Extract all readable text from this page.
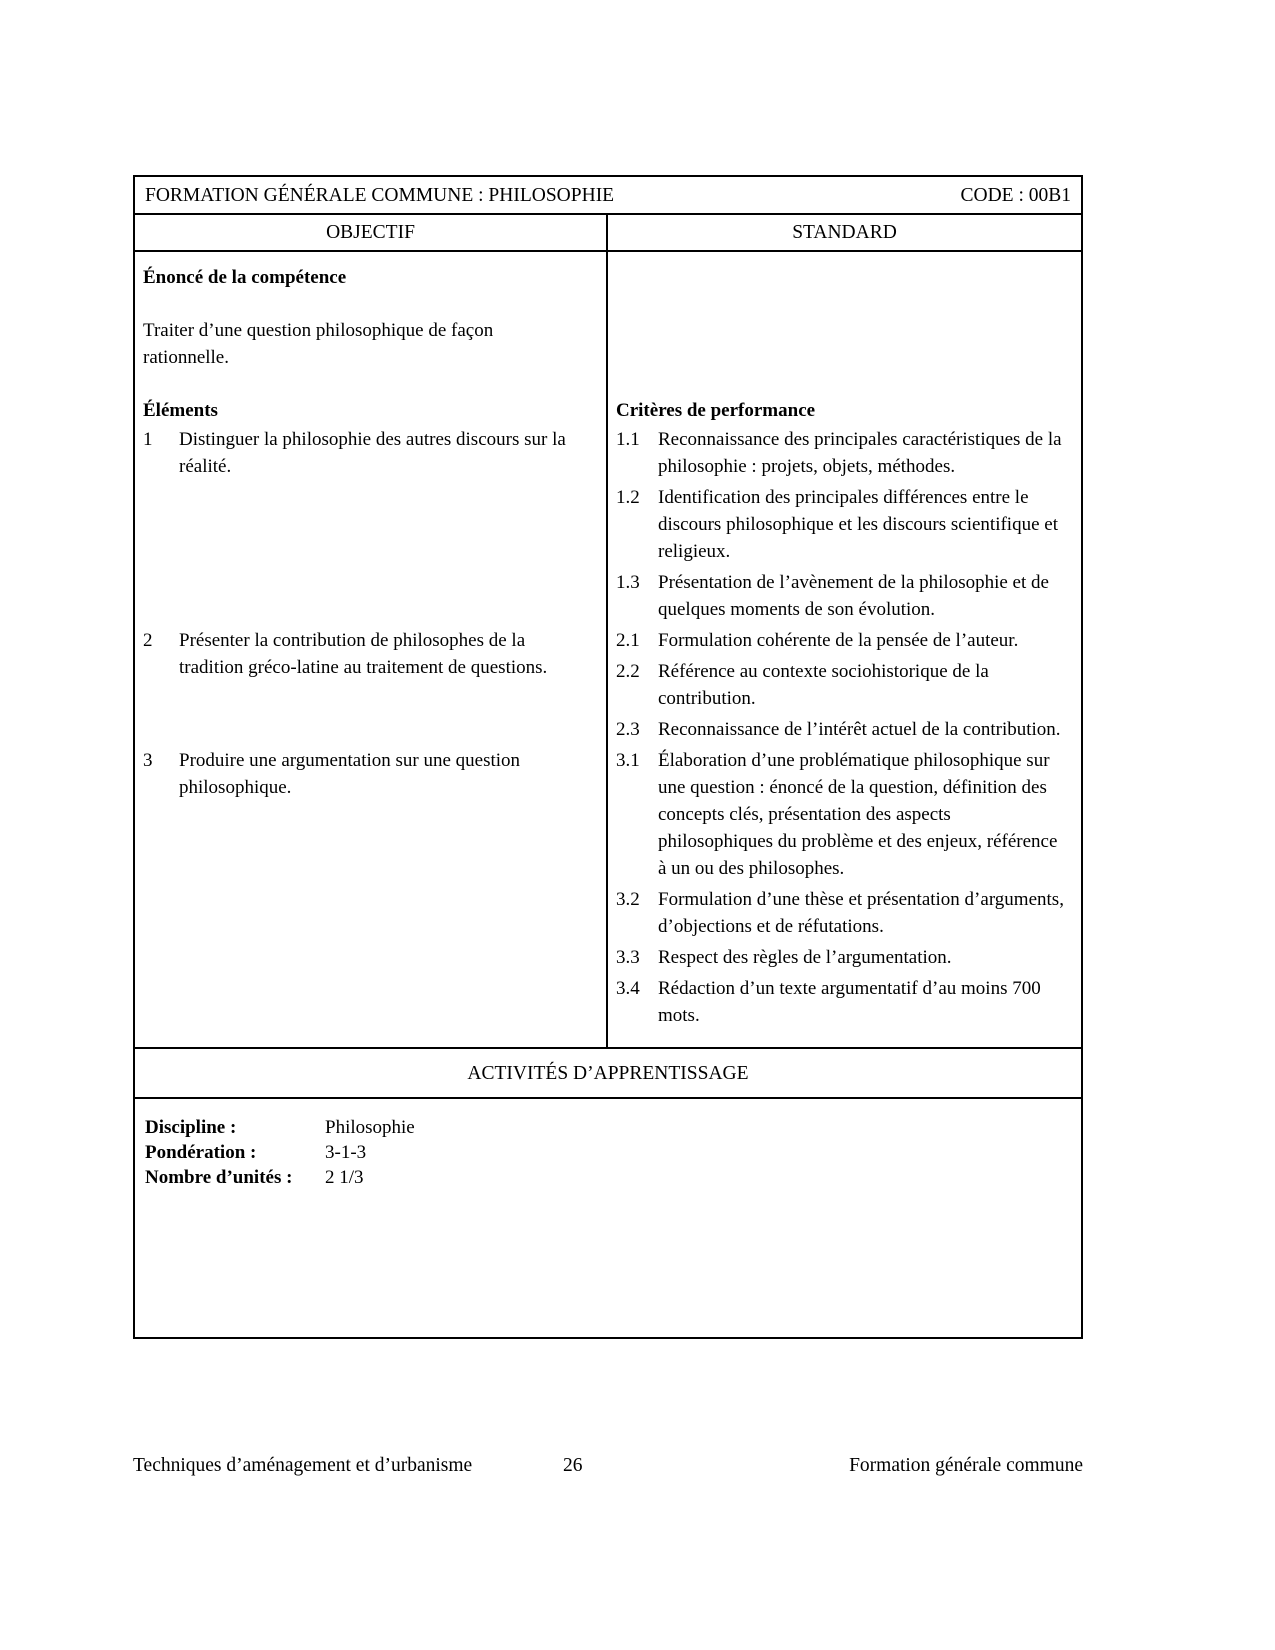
FORMATION GÉNÉRALE COMMUNE : PHILOSOPHIE	CODE : 00B1
OBJECTIF	STANDARD
Énoncé de la compétence

Traiter d’une question philosophique de façon rationnelle.

Éléments	Critères de performance
1	Distinguer la philosophie des autres discours sur la réalité.
1.1 Reconnaissance des principales caractéristiques de la philosophie : projets, objets, méthodes.
1.2 Identification des principales différences entre le discours philosophique et les discours scientifique et religieux.
1.3 Présentation de l’avènement de la philosophie et de quelques moments de son évolution.
2	Présenter la contribution de philosophes de la tradition gréco-latine au traitement de questions.
2.1 Formulation cohérente de la pensée de l’auteur.
2.2 Référence au contexte sociohistorique de la contribution.
2.3 Reconnaissance de l’intérêt actuel de la contribution.
3	Produire une argumentation sur une question philosophique.
3.1 Élaboration d’une problématique philosophique sur une question : énoncé de la question, définition des concepts clés, présentation des aspects philosophiques du problème et des enjeux, référence à un ou des philosophes.
3.2 Formulation d’une thèse et présentation d’arguments, d’objections et de réfutations.
3.3 Respect des règles de l’argumentation.
3.4 Rédaction d’un texte argumentatif d’au moins 700 mots.
ACTIVITÉS D’APPRENTISSAGE
Discipline :	Philosophie
Pondération :	3-1-3
Nombre d’unités :	2 1/3
Techniques d’aménagement et d’urbanisme	26	Formation générale commune
